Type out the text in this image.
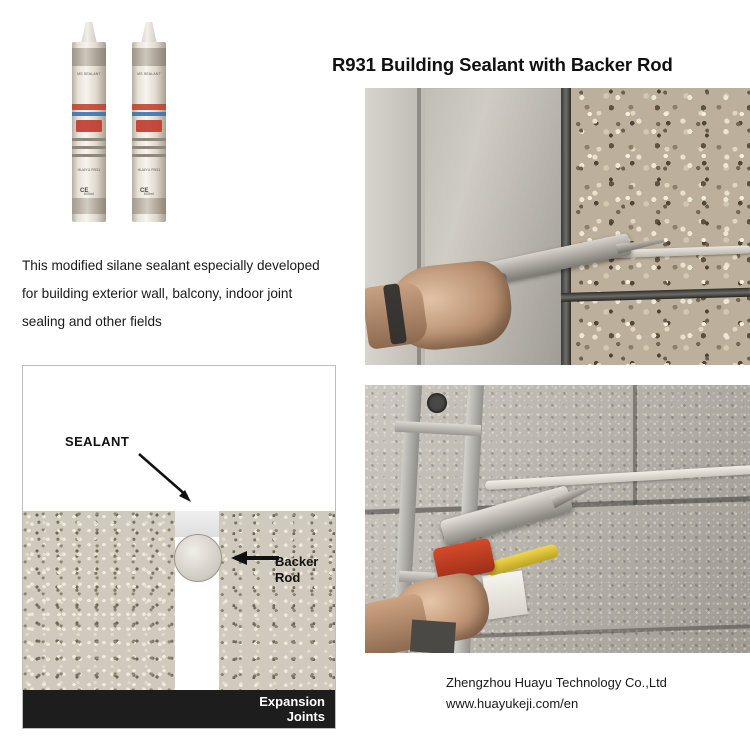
MS SEALANT
HUAYU R931
600ml
CE
MS SEALANT
HUAYU R931
600ml
CE
R931 Building Sealant with Backer Rod
This modified silane sealant especially developed for building exterior wall, balcony, indoor joint sealing and other fields
SEALANT
Backer
Rod
Expansion
Joints
Zhengzhou Huayu Technology Co.,Ltd
www.huayukeji.com/en
